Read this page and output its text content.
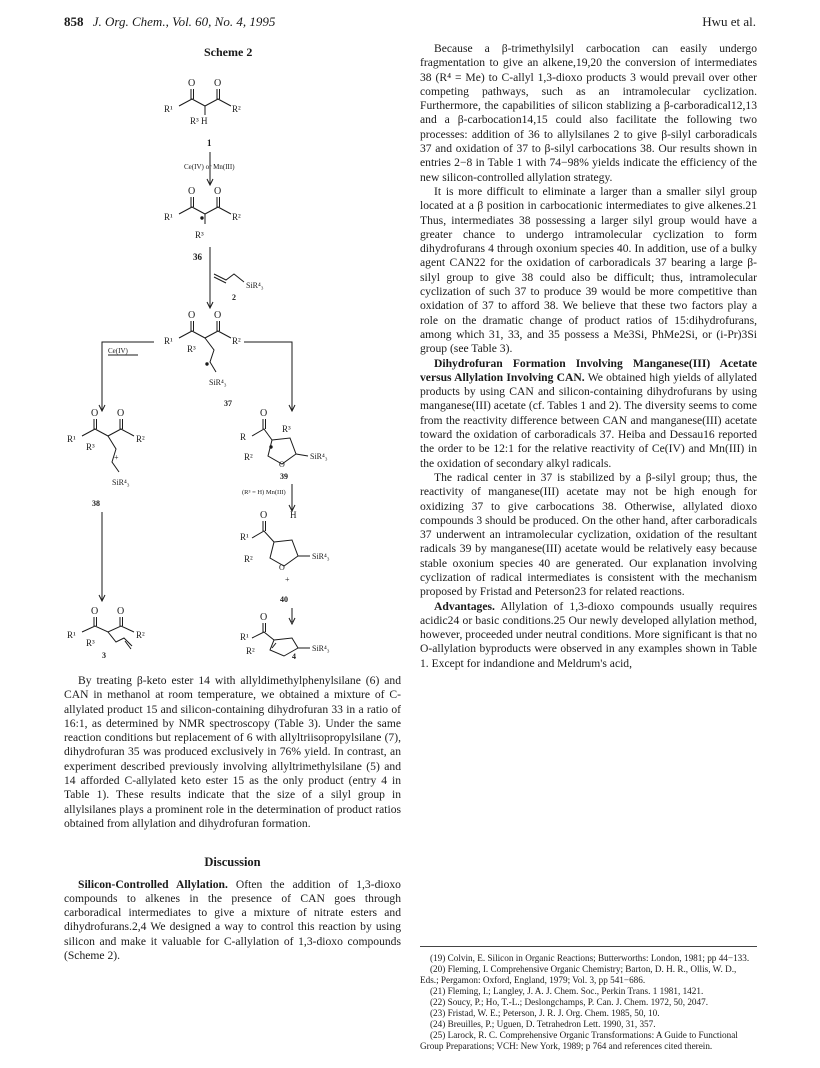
858 J. Org. Chem., Vol. 60, No. 4, 1995	Hwu et al.
Scheme 2
O O
R¹	R²
R³ H
1
Ce(IV) or Mn(III)
O O
R¹	R²
R³
36
SiR⁴₃
2
O O
R¹	R²
R³
SiR⁴₃
37
Ce(IV)
O O
+
R¹	R²
R³
SiR⁴₃
38
O
R³
O
SiR⁴₃
R
R²
39
(R³ = H) Mn(III)
O	H
O
SiR⁴₃
R¹
R²
+
40
O O
R¹	R²
R³
3
O
SiR⁴₃
R¹
R²
4

By treating β-keto ester 14 with allyldimethylphenylsilane (6) and CAN in methanol at room temperature, we obtained a mixture of C-allylated product 15 and silicon-containing dihydrofuran 33 in a ratio of 16:1, as determined by NMR spectroscopy (Table 3). Under the same reaction conditions but replacement of 6 with allyltriisopropylsilane (7), dihydrofuran 35 was produced exclusively in 76% yield. In contrast, an experiment described previously involving allyltrimethylsilane (5) and 14 afforded C-allylated keto ester 15 as the only product (entry 4 in Table 1). These results indicate that the size of a silyl group in allylsilanes plays a prominent role in the determination of product ratios obtained from allylation and dihydrofuran formation.

Discussion

Silicon-Controlled Allylation. Often the addition of 1,3-dioxo compounds to alkenes in the presence of CAN goes through carboradical intermediates to give a mixture of nitrate esters and dihydrofurans.2,4 We designed a way to control this reaction by using silicon and make it valuable for C-allylation of 1,3-dioxo compounds (Scheme 2).

Because a β-trimethylsilyl carbocation can easily undergo fragmentation to give an alkene,19,20 the conversion of intermediates 38 (R⁴ = Me) to C-allyl 1,3-dioxo products 3 would prevail over other competing pathways, such as an intramolecular cyclization. Furthermore, the capabilities of silicon stablizing a β-carboradical12,13 and a β-carbocation14,15 could also facilitate the following two processes: addition of 36 to allylsilanes 2 to give β-silyl carboradicals 37 and oxidation of 37 to β-silyl carbocations 38. Our results shown in entries 2−8 in Table 1 with 74−98% yields indicate the efficiency of the new silicon-controlled allylation strategy.

It is more difficult to eliminate a larger than a smaller silyl group located at a β position in carbocationic intermediates to give alkenes.21 Thus, intermediates 38 possessing a larger silyl group would have a greater chance to undergo intramolecular cyclization to form dihydrofurans 4 through oxonium species 40. In addition, use of a bulky agent CAN22 for the oxidation of carboradicals 37 bearing a large β-silyl group to give 38 could also be difficult; thus, intramolecular cyclization of such 37 to produce 39 would be more competitive than oxidation of 37 to afford 38. We believe that these two factors play a role on the dramatic change of product ratios of 15:dihydrofurans, among which 31, 33, and 35 possess a Me3Si, PhMe2Si, or (i-Pr)3Si group (see Table 3).

Dihydrofuran Formation Involving Manganese(III) Acetate versus Allylation Involving CAN. We obtained high yields of allylated products by using CAN and silicon-containing dihydrofurans by using manganese(III) acetate (cf. Tables 1 and 2). The diversity seems to come from the reactivity difference between CAN and manganese(III) acetate toward the oxidation of carboradicals 37. Heiba and Dessau16 reported the order to be 12:1 for the relative reactivity of Ce(IV) and Mn(III) in the oxidation of secondary alkyl radicals.

The radical center in 37 is stabilized by a β-silyl group; thus, the reactivity of manganese(III) acetate may not be high enough for oxidizing 37 to give carbocations 38. Otherwise, allylated dioxo compounds 3 should be produced. On the other hand, after carboradicals 37 underwent an intramolecular cyclization, oxidation of the resultant radicals 39 by manganese(III) acetate would be relatively easy because stable oxonium species 40 are generated. Our explanation involving cyclization of radical intermediates is consistent with the mechanism proposed by Fristad and Peterson23 for related reactions.

Advantages. Allylation of 1,3-dioxo compounds usually requires acidic24 or basic conditions.25 Our newly developed allylation method, however, proceeded under neutral conditions. More significant is that no O-allylation byproducts were observed in any examples shown in Table 1. Except for indandione and Meldrum's acid,

(19) Colvin, E. Silicon in Organic Reactions; Butterworths: London, 1981; pp 44−133.
(20) Fleming, I. Comprehensive Organic Chemistry; Barton, D. H. R., Ollis, W. D., Eds.; Pergamon: Oxford, England, 1979; Vol. 3, pp 541−686.
(21) Fleming, I.; Langley, J. A. J. Chem. Soc., Perkin Trans. 1 1981, 1421.
(22) Soucy, P.; Ho, T.-L.; Deslongchamps, P. Can. J. Chem. 1972, 50, 2047.
(23) Fristad, W. E.; Peterson, J. R. J. Org. Chem. 1985, 50, 10.
(24) Breuilles, P.; Uguen, D. Tetrahedron Lett. 1990, 31, 357.
(25) Larock, R. C. Comprehensive Organic Transformations: A Guide to Functional Group Preparations; VCH: New York, 1989; p 764 and references cited therein.
